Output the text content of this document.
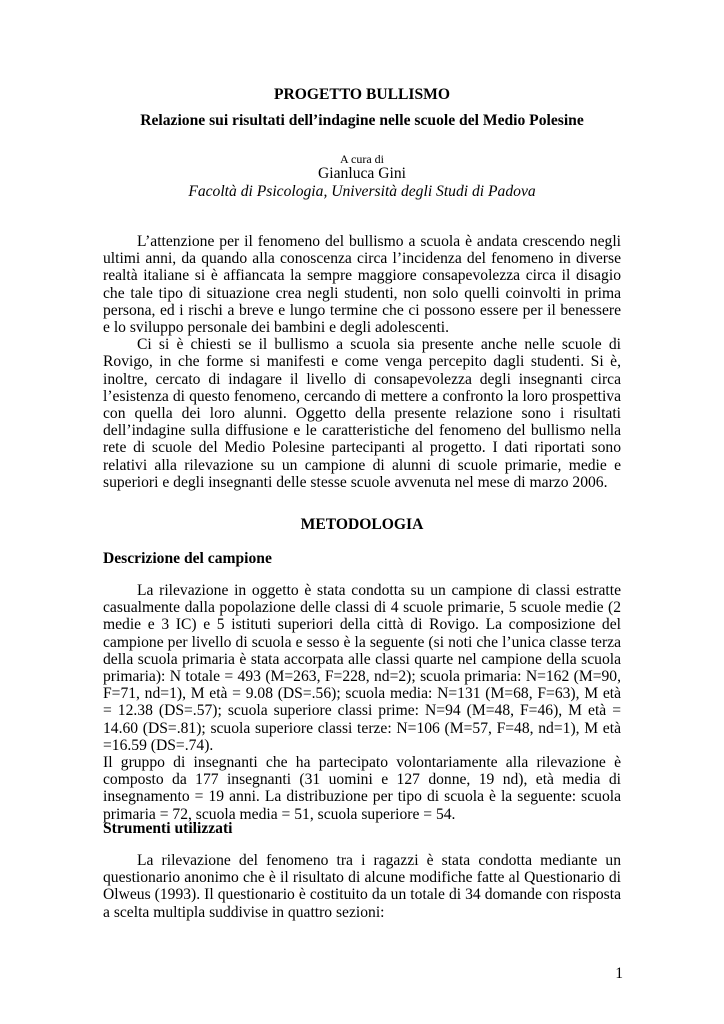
PROGETTO BULLISMO
Relazione sui risultati dell’indagine nelle scuole del Medio Polesine
A cura di
Gianluca Gini
Facoltà di Psicologia, Università degli Studi di Padova

L’attenzione per il fenomeno del bullismo a scuola è andata crescendo negli ultimi anni, da quando alla conoscenza circa l’incidenza del fenomeno in diverse realtà italiane si è affiancata la sempre maggiore consapevolezza circa il disagio che tale tipo di situazione crea negli studenti, non solo quelli coinvolti in prima persona, ed i rischi a breve e lungo termine che ci possono essere per il benessere e lo sviluppo personale dei bambini e degli adolescenti.

Ci si è chiesti se il bullismo a scuola sia presente anche nelle scuole di Rovigo, in che forme si manifesti e come venga percepito dagli studenti. Si è, inoltre, cercato di indagare il livello di consapevolezza degli insegnanti circa l’esistenza di questo fenomeno, cercando di mettere a confronto la loro prospettiva con quella dei loro alunni. Oggetto della presente relazione sono i risultati dell’indagine sulla diffusione e le caratteristiche del fenomeno del bullismo nella rete di scuole del Medio Polesine partecipanti al progetto. I dati riportati sono relativi alla rilevazione su un campione di alunni di scuole primarie, medie e superiori e degli insegnanti delle stesse scuole avvenuta nel mese di marzo 2006.

METODOLOGIA
Descrizione del campione

La rilevazione in oggetto è stata condotta su un campione di classi estratte casualmente dalla popolazione delle classi di 4 scuole primarie, 5 scuole medie (2 medie e 3 IC) e 5 istituti superiori della città di Rovigo. La composizione del campione per livello di scuola e sesso è la seguente (si noti che l’unica classe terza della scuola primaria è stata accorpata alle classi quarte nel campione della scuola primaria): N totale = 493 (M=263, F=228, nd=2); scuola primaria: N=162 (M=90, F=71, nd=1), M età = 9.08 (DS=.56); scuola media: N=131 (M=68, F=63), M età = 12.38 (DS=.57); scuola superiore classi prime: N=94 (M=48, F=46), M età = 14.60 (DS=.81); scuola superiore classi terze: N=106 (M=57, F=48, nd=1), M età =16.59 (DS=.74).

Il gruppo di insegnanti che ha partecipato volontariamente alla rilevazione è composto da 177 insegnanti (31 uomini e 127 donne, 19 nd), età media di insegnamento = 19 anni. La distribuzione per tipo di scuola è la seguente: scuola primaria = 72, scuola media = 51, scuola superiore = 54.

Strumenti utilizzati

La rilevazione del fenomeno tra i ragazzi è stata condotta mediante un questionario anonimo che è il risultato di alcune modifiche fatte al Questionario di Olweus (1993). Il questionario è costituito da un totale di 34 domande con risposta a scelta multipla suddivise in quattro sezioni:

1
